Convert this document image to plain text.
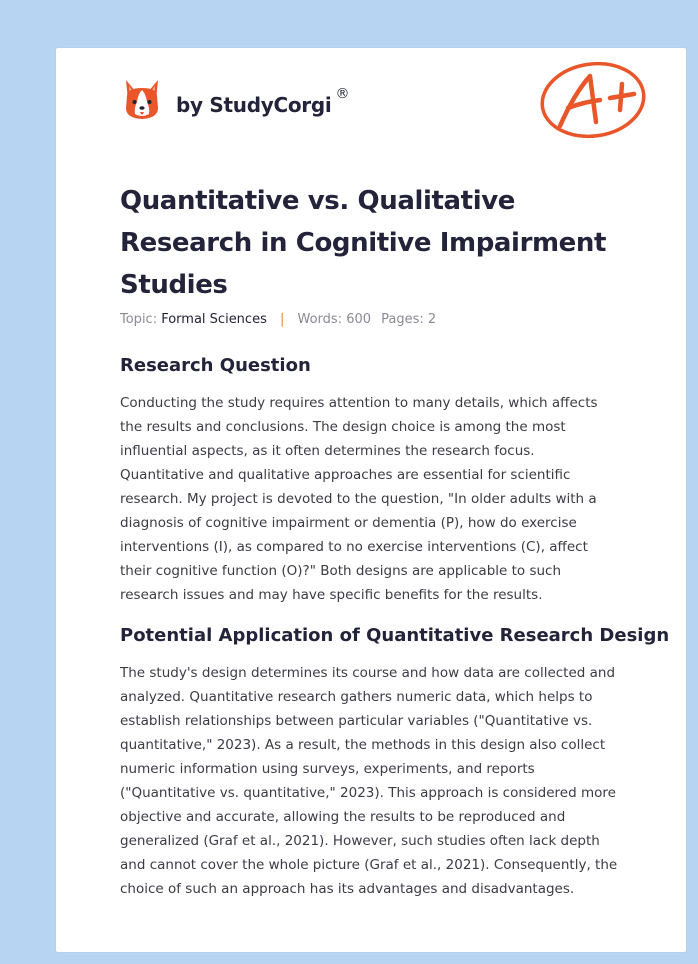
by StudyCorgi ®
Quantitative vs. Qualitative
Research in Cognitive Impairment
Studies
Topic: Formal Sciences | Words: 600 Pages: 2
Research Question

Conducting the study requires attention to many details, which affects
the results and conclusions. The design choice is among the most
influential aspects, as it often determines the research focus.
Quantitative and qualitative approaches are essential for scientific
research. My project is devoted to the question, "In older adults with a
diagnosis of cognitive impairment or dementia (P), how do exercise
interventions (I), as compared to no exercise interventions (C), affect
their cognitive function (O)?" Both designs are applicable to such
research issues and may have specific benefits for the results.

Potential Application of Quantitative Research Design

The study's design determines its course and how data are collected and
analyzed. Quantitative research gathers numeric data, which helps to
establish relationships between particular variables ("Quantitative vs.
quantitative," 2023). As a result, the methods in this design also collect
numeric information using surveys, experiments, and reports
("Quantitative vs. quantitative," 2023). This approach is considered more
objective and accurate, allowing the results to be reproduced and
generalized (Graf et al., 2021). However, such studies often lack depth
and cannot cover the whole picture (Graf et al., 2021). Consequently, the
choice of such an approach has its advantages and disadvantages.
